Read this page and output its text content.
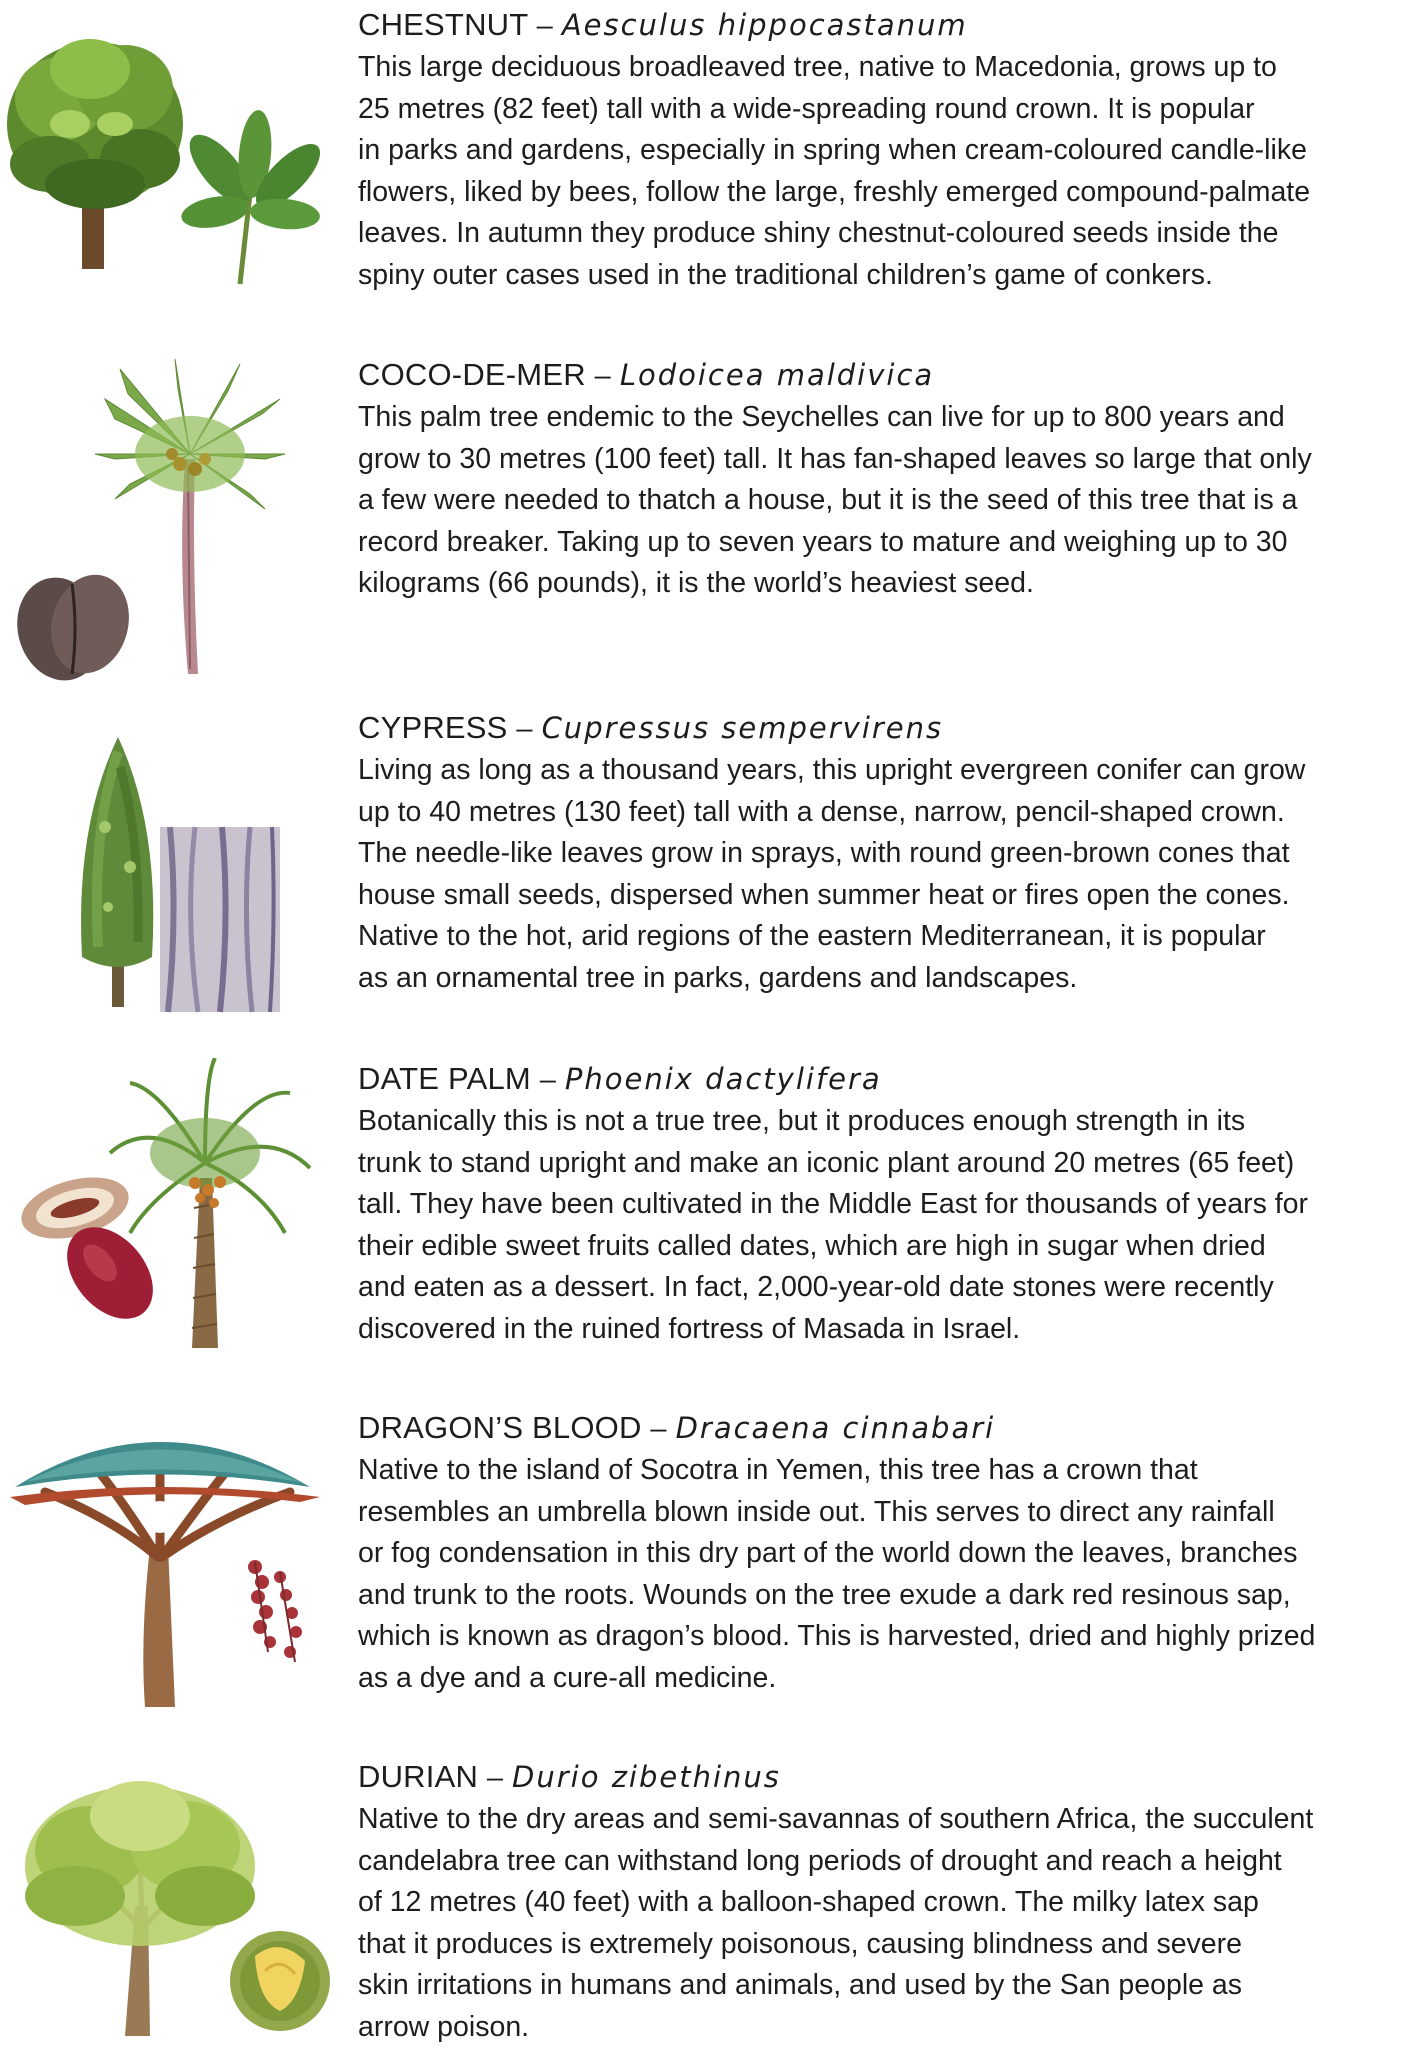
CHESTNUT – Aesculus hippocastanum

This large deciduous broadleaved tree, native to Macedonia, grows up to
25 metres (82 feet) tall with a wide-spreading round crown. It is popular
in parks and gardens, especially in spring when cream-coloured candle-like
flowers, liked by bees, follow the large, freshly emerged compound-palmate
leaves. In autumn they produce shiny chestnut-coloured seeds inside the
spiny outer cases used in the traditional children’s game of conkers.

COCO-DE-MER – Lodoicea maldivica

This palm tree endemic to the Seychelles can live for up to 800 years and
grow to 30 metres (100 feet) tall. It has fan-shaped leaves so large that only
a few were needed to thatch a house, but it is the seed of this tree that is a
record breaker. Taking up to seven years to mature and weighing up to 30
kilograms (66 pounds), it is the world’s heaviest seed.

CYPRESS – Cupressus sempervirens

Living as long as a thousand years, this upright evergreen conifer can grow
up to 40 metres (130 feet) tall with a dense, narrow, pencil-shaped crown.
The needle-like leaves grow in sprays, with round green-brown cones that
house small seeds, dispersed when summer heat or fires open the cones.
Native to the hot, arid regions of the eastern Mediterranean, it is popular
as an ornamental tree in parks, gardens and landscapes.

DATE PALM – Phoenix dactylifera

Botanically this is not a true tree, but it produces enough strength in its
trunk to stand upright and make an iconic plant around 20 metres (65 feet)
tall. They have been cultivated in the Middle East for thousands of years for
their edible sweet fruits called dates, which are high in sugar when dried
and eaten as a dessert. In fact, 2,000-year-old date stones were recently
discovered in the ruined fortress of Masada in Israel.

DRAGON’S BLOOD – Dracaena cinnabari

Native to the island of Socotra in Yemen, this tree has a crown that
resembles an umbrella blown inside out. This serves to direct any rainfall
or fog condensation in this dry part of the world down the leaves, branches
and trunk to the roots. Wounds on the tree exude a dark red resinous sap,
which is known as dragon’s blood. This is harvested, dried and highly prized
as a dye and a cure-all medicine.

DURIAN – Durio zibethinus

Native to the dry areas and semi-savannas of southern Africa, the succulent
candelabra tree can withstand long periods of drought and reach a height
of 12 metres (40 feet) with a balloon-shaped crown. The milky latex sap
that it produces is extremely poisonous, causing blindness and severe
skin irritations in humans and animals, and used by the San people as
arrow poison.
